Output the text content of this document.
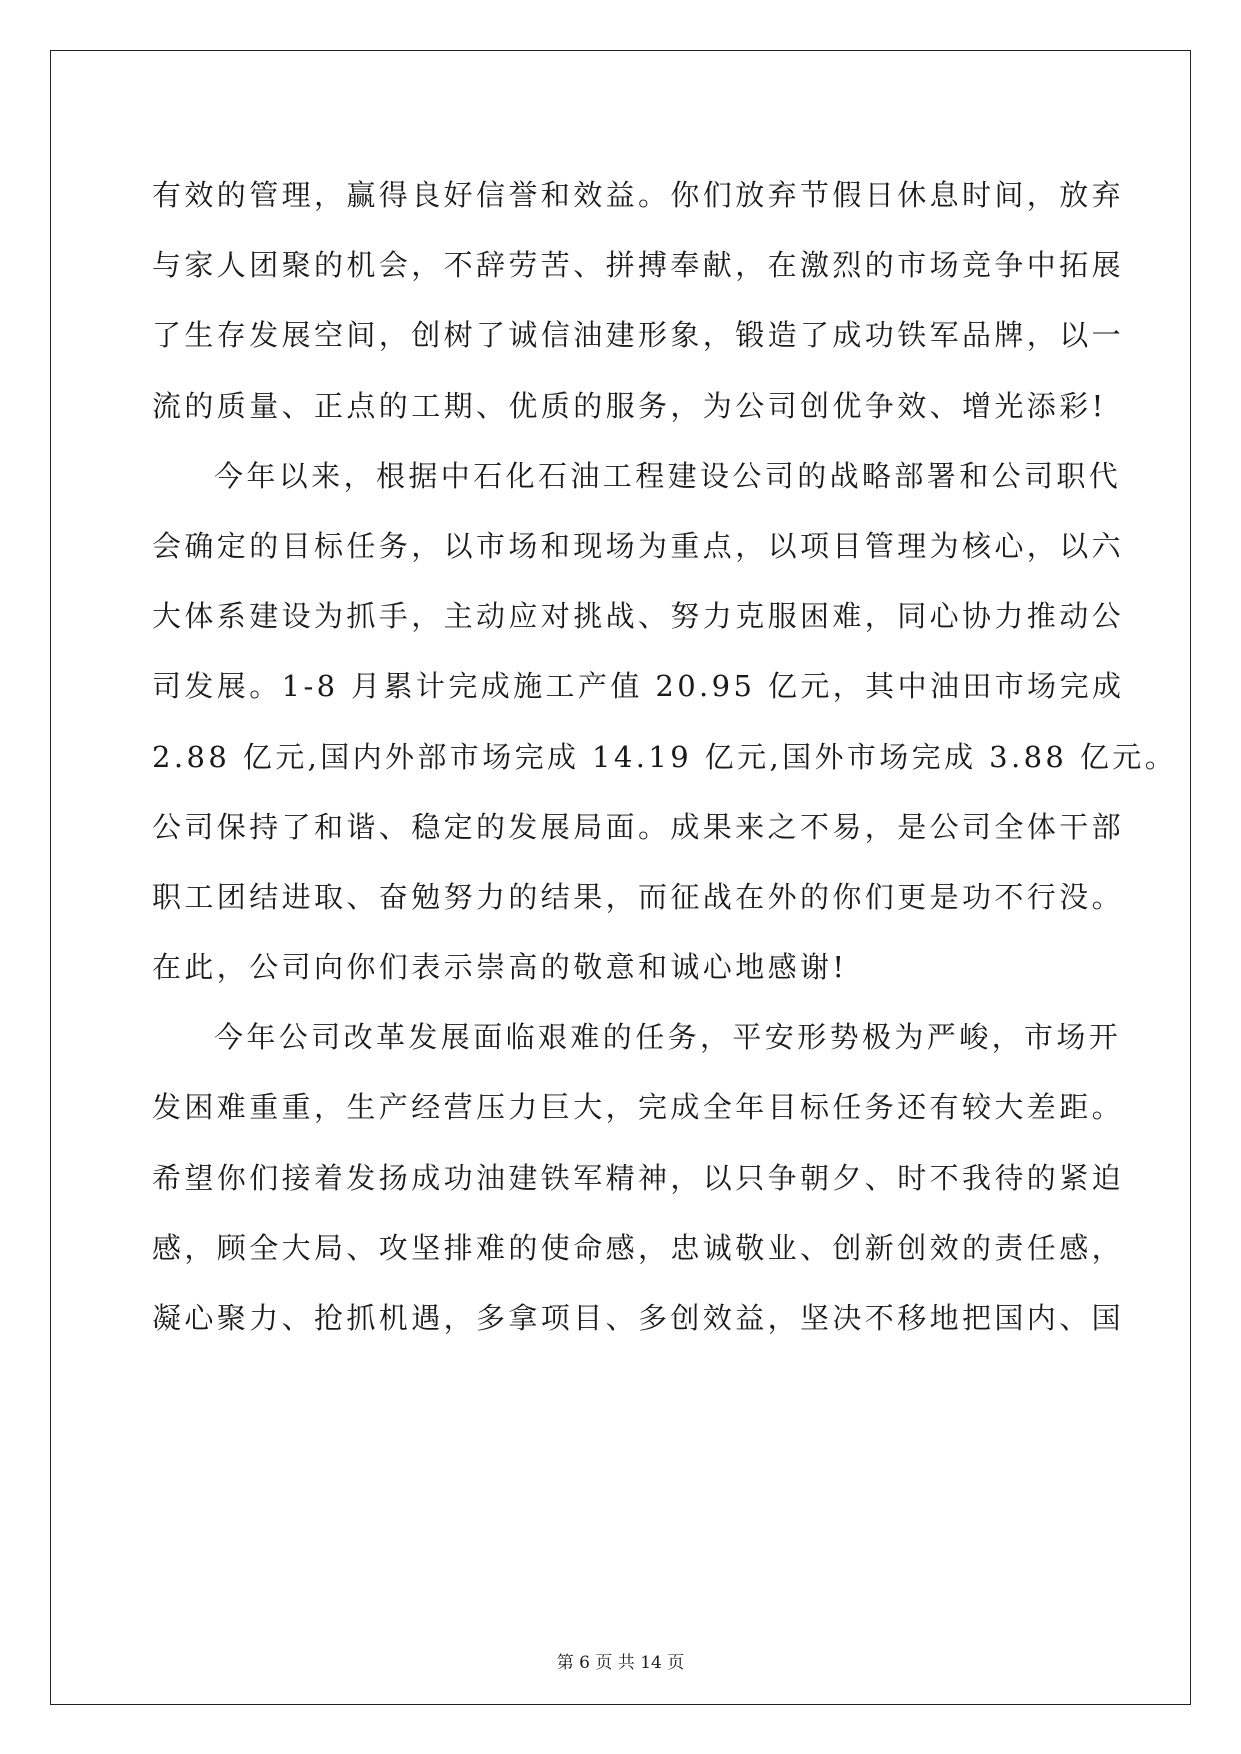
有效的管理，赢得良好信誉和效益。你们放弃节假日休息时间，放弃
与家人团聚的机会，不辞劳苦、拼搏奉献，在激烈的市场竞争中拓展
了生存发展空间，创树了诚信油建形象，锻造了成功铁军品牌，以一
流的质量、正点的工期、优质的服务，为公司创优争效、增光添彩!
今年以来，根据中石化石油工程建设公司的战略部署和公司职代
会确定的目标任务，以市场和现场为重点，以项目管理为核心，以六
大体系建设为抓手，主动应对挑战、努力克服困难，同心协力推动公
司发展。1-8 月累计完成施工产值 20.95 亿元，其中油田市场完成
2.88 亿元,国内外部市场完成 14.19 亿元,国外市场完成 3.88 亿元。
公司保持了和谐、稳定的发展局面。成果来之不易，是公司全体干部
职工团结进取、奋勉努力的结果，而征战在外的你们更是功不行没。
在此，公司向你们表示崇高的敬意和诚心地感谢!
今年公司改革发展面临艰难的任务，平安形势极为严峻，市场开
发困难重重，生产经营压力巨大，完成全年目标任务还有较大差距。
希望你们接着发扬成功油建铁军精神，以只争朝夕、时不我待的紧迫
感，顾全大局、攻坚排难的使命感，忠诚敬业、创新创效的责任感，
凝心聚力、抢抓机遇，多拿项目、多创效益，坚决不移地把国内、国
第 6 页 共 14 页
